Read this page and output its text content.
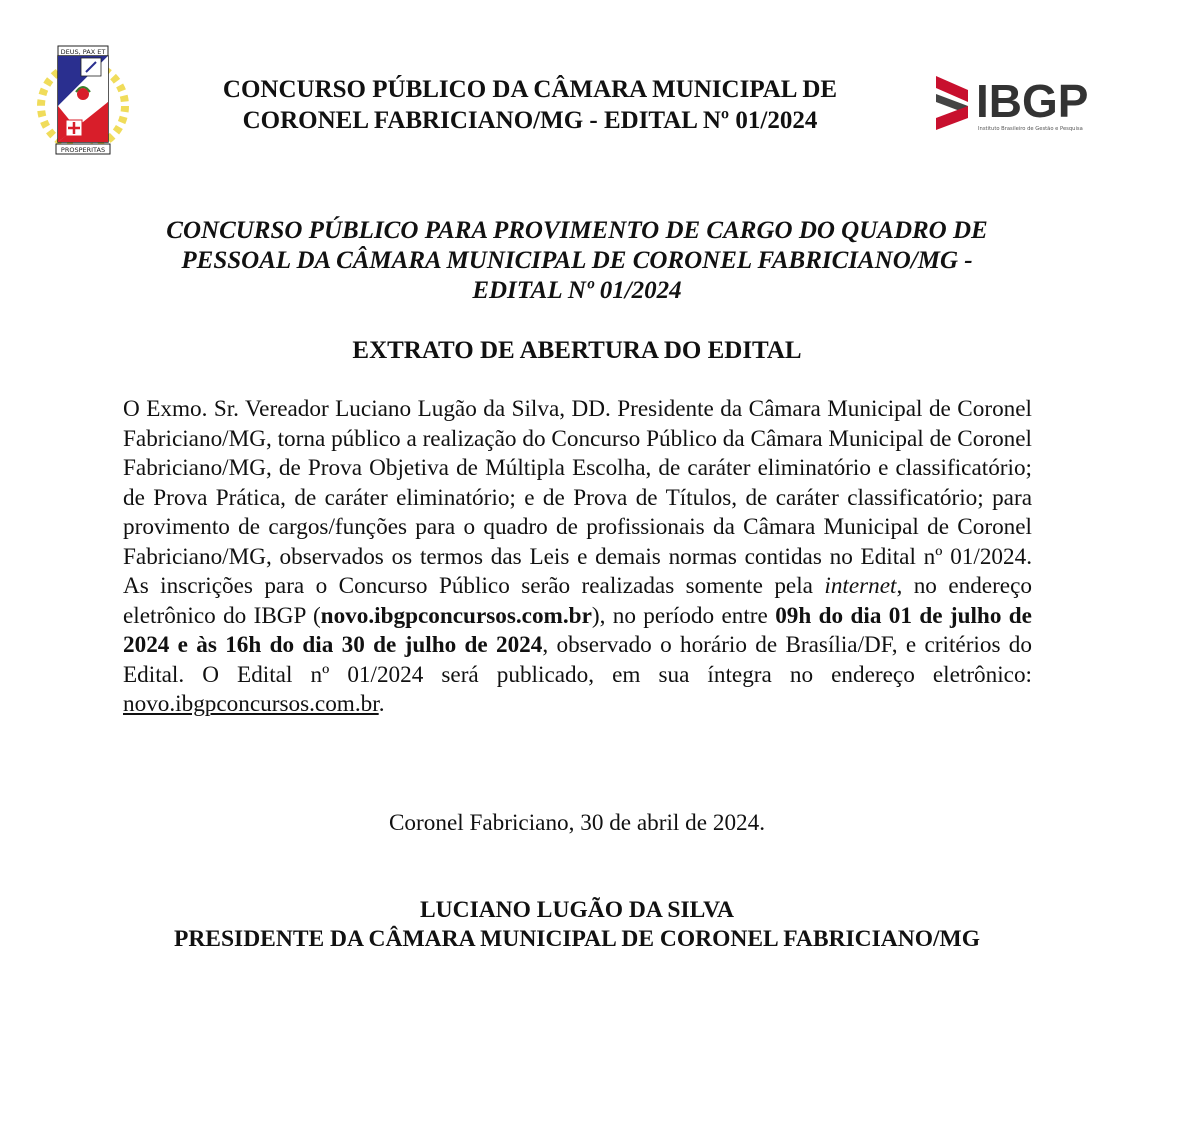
DEUS, PAX ET
PROSPERITAS
CONCURSO PÚBLICO DA CÂMARA MUNICIPAL DE
CORONEL FABRICIANO/MG - EDITAL Nº 01/2024	IBGP
Instituto Brasileiro de Gestão e Pesquisa
CONCURSO PÚBLICO PARA PROVIMENTO DE CARGO DO QUADRO DE
PESSOAL DA CÂMARA MUNICIPAL DE CORONEL FABRICIANO/MG -
EDITAL Nº 01/2024
EXTRATO DE ABERTURA DO EDITAL
O Exmo. Sr. Vereador Luciano Lugão da Silva, DD. Presidente da Câmara Municipal de Coronel Fabriciano/MG, torna público a realização do Concurso Público da Câmara Municipal de Coronel Fabriciano/MG, de Prova Objetiva de Múltipla Escolha, de caráter eliminatório e classificatório; de Prova Prática, de caráter eliminatório; e de Prova de Títulos, de caráter classificatório; para provimento de cargos/funções para o quadro de profissionais da Câmara Municipal de Coronel Fabriciano/MG, observados os termos das Leis e demais normas contidas no Edital nº 01/2024. As inscrições para o Concurso Público serão realizadas somente pela internet, no endereço eletrônico do IBGP (novo.ibgpconcursos.com.br), no período entre 09h do dia 01 de julho de 2024 e às 16h do dia 30 de julho de 2024, observado o horário de Brasília/DF, e critérios do Edital. O Edital nº 01/2024 será publicado, em sua íntegra no endereço eletrônico: novo.ibgpconcursos.com.br.
Coronel Fabriciano, 30 de abril de 2024.
LUCIANO LUGÃO DA SILVA
PRESIDENTE DA CÂMARA MUNICIPAL DE CORONEL FABRICIANO/MG
